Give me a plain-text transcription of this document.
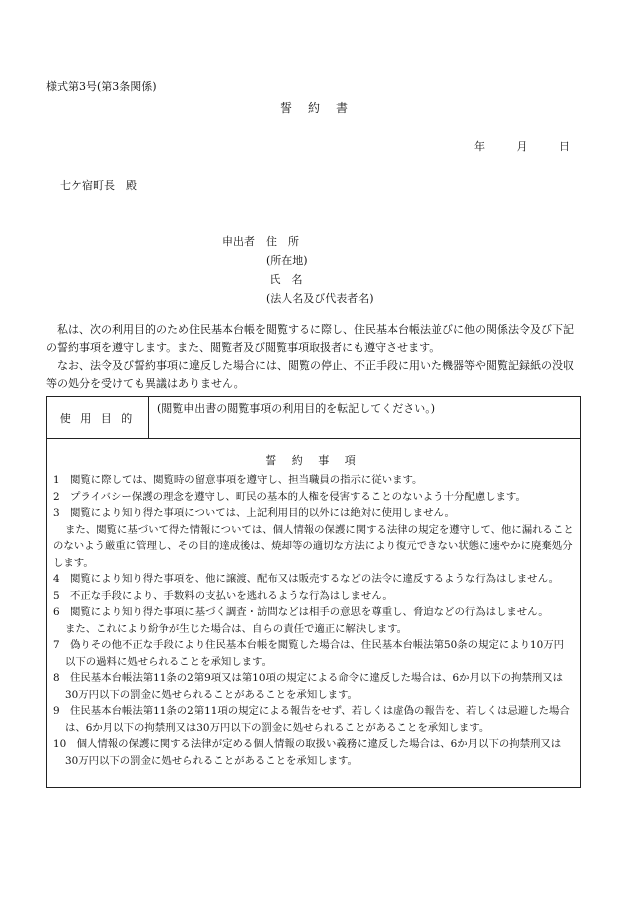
様式第3号(第3条関係)
誓　約　書
年	月	日
七ケ宿町長　殿
申出者　住　所
　　　　(所在地)
　　　　 氏　名
　　　　(法人名及び代表者名)

私は、次の利用目的のため住民基本台帳を閲覧するに際し、住民基本台帳法並びに他の関係法令及び下記の誓約事項を遵守します。また、閲覧者及び閲覧事項取扱者にも遵守させます。

なお、法令及び誓約事項に違反した場合には、閲覧の停止、不正手段に用いた機器等や閲覧記録紙の没収等の処分を受けても異議はありません。

使 用 目 的
(閲覧申出書の閲覧事項の利用目的を転記してください。)
誓 約 事 項
1　閲覧に際しては、閲覧時の留意事項を遵守し、担当職員の指示に従います。
2　プライバシー保護の理念を遵守し、町民の基本的人権を侵害することのないよう十分配慮します。
3　閲覧により知り得た事項については、上記利用目的以外には絶対に使用しません。
また、閲覧に基づいて得た情報については、個人情報の保護に関する法律の規定を遵守して、他に漏れることのないよう厳重に管理し、その目的達成後は、焼却等の適切な方法により復元できない状態に速やかに廃棄処分します。
4　閲覧により知り得た事項を、他に譲渡、配布又は販売するなどの法令に違反するような行為はしません。
5　不正な手段により、手数料の支払いを逃れるような行為はしません。
6　閲覧により知り得た事項に基づく調査・訪問などは相手の意思を尊重し、脅迫などの行為はしません。
また、これにより紛争が生じた場合は、自らの責任で適正に解決します。
7　偽りその他不正な手段により住民基本台帳を閲覧した場合は、住民基本台帳法第50条の規定により10万円以下の過料に処せられることを承知します。
8　住民基本台帳法第11条の2第9項又は第10項の規定による命令に違反した場合は、6か月以下の拘禁刑又は30万円以下の罰金に処せられることがあることを承知します。
9　住民基本台帳法第11条の2第11項の規定による報告をせず、若しくは虚偽の報告を、若しくは忌避した場合は、6か月以下の拘禁刑又は30万円以下の罰金に処せられることがあることを承知します。
10　個人情報の保護に関する法律が定める個人情報の取扱い義務に違反した場合は、6か月以下の拘禁刑又は30万円以下の罰金に処せられることがあることを承知します。
